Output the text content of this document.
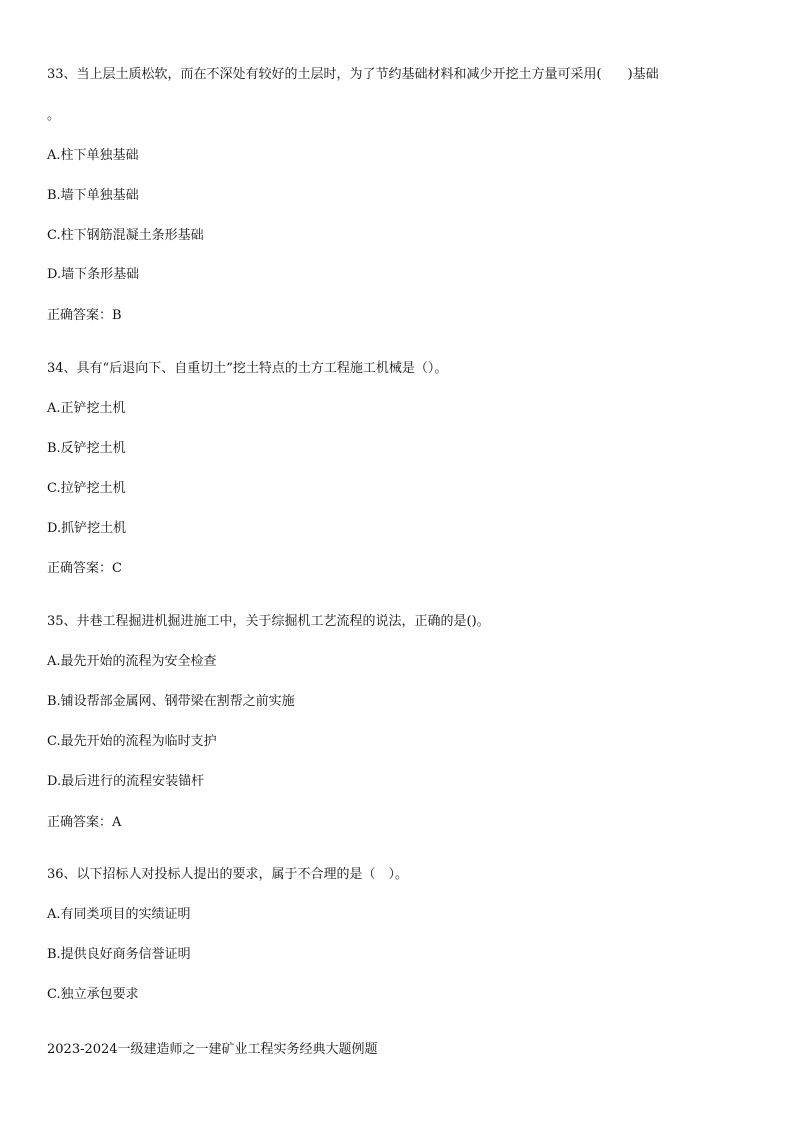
33、当上层土质松软，而在不深处有较好的土层时，为了节约基础材料和减少开挖土方量可采用(　　)基础
。
A.柱下单独基础
B.墙下单独基础
C.柱下钢筋混凝土条形基础
D.墙下条形基础
正确答案：B
34、具有“后退向下、自重切土”挖土特点的土方工程施工机械是（）。
A.正铲挖土机
B.反铲挖土机
C.拉铲挖土机
D.抓铲挖土机
正确答案：C
35、井巷工程掘进机掘进施工中，关于综掘机工艺流程的说法，正确的是()。
A.最先开始的流程为安全检查
B.铺设帮部金属网、钢带梁在割帮之前实施
C.最先开始的流程为临时支护
D.最后进行的流程安装锚杆
正确答案：A
36、以下招标人对投标人提出的要求，属于不合理的是（　）。
A.有同类项目的实绩证明
B.提供良好商务信誉证明
C.独立承包要求
2023-2024一级建造师之一建矿业工程实务经典大题例题
